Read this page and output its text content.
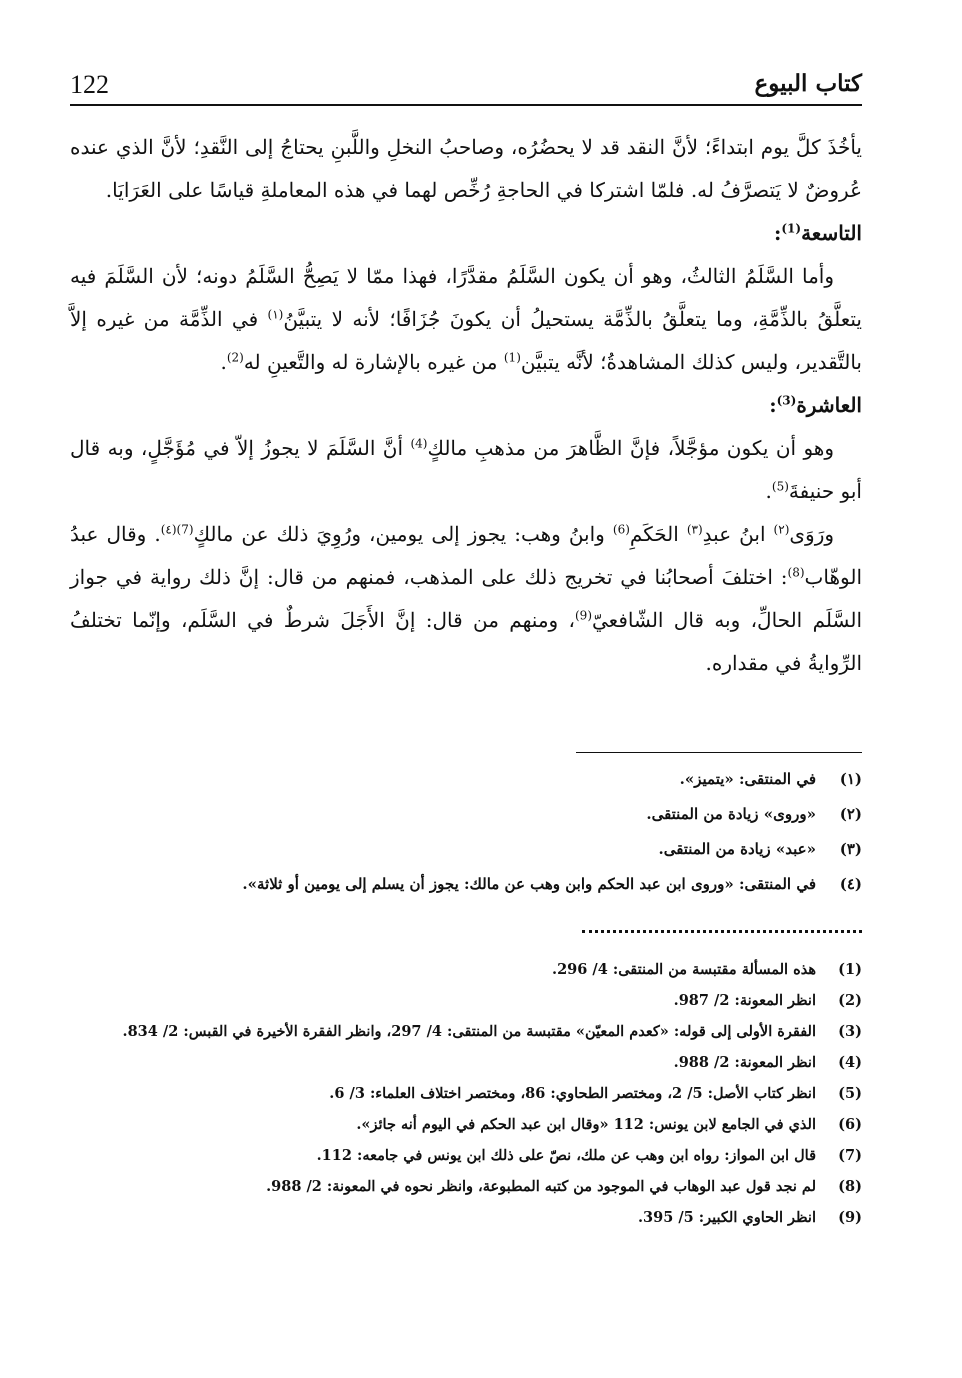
122	كتاب البيوع

يأخُذَ كلَّ يوم ابتداءً؛ لأنَّ النقد قد لا يحضُرُه، وصاحبُ النخلِ واللَّبنِ يحتاجُ إلى النَّقدِ؛ لأنَّ الذي عنده عُروضٌ لا يَتصرَّفُ له. فلمّا اشتركا في الحاجةِ رُخِّص لهما في هذه المعاملةِ قياسًا على العَرَايَا.

التاسعة$^{(1)}$:

وأما السَّلَمُ الثالثُ، وهو أن يكون السَّلَمُ مقدَّرًا، فهذا ممّا لا يَصِحُّ السَّلَمُ دونه؛ لأن السَّلَمَ فيه يتعلَّقُ بالذِّمَّةِ، وما يتعلَّقُ بالذِّمَّة يستحيلُ أن يكونَ جُزَافًا؛ لأنه لا يتبيَّنُ$^{(١)}$ في الذِّمَّة من غيره إلاَّ بالتَّقدير، وليس كذلك المشاهدةُ؛ لأنَّه يتبيَّن$^{(1)}$ من غيره بالإشارة له والتَّعينِ له$^{(2)}$.

العاشرة$^{(3)}$:

وهو أن يكون مؤجَّلاً، فإنَّ الظَّاهرَ من مذهبِ مالكٍ$^{(4)}$ أنَّ السَّلَمَ لا يجوزُ إلاّ في مُؤَجَّلٍ، وبه قال أبو حنيفةَ$^{(5)}$.

ورَوَى$^{(٢)}$ ابنُ عبدِ$^{(٣)}$ الحَكَمِ$^{(6)}$ وابنُ وهب: يجوز إلى يومين، ورُوِيَ ذلك عن مالكٍ$^{(7)(٤)}$. وقال عبدُ الوهّاب$^{(8)}$: اختلفَ أصحابُنا في تخريج ذلك على المذهب، فمنهم من قال: إنَّ ذلك رواية في جواز السَّلَم الحالِّ، وبه قال الشّافعيّ$^{(9)}$، ومنهم من قال: إنَّ الأَجَلَ شرطٌ في السَّلَم، وإنّما تختلفُ الرِّوايةُ في مقداره.

(١)
في المنتقى: «يتميز».
(٢)
«وروى» زيادة من المنتقى.
(٣)
«عبد» زيادة من المنتقى.
(٤)
في المنتقى: «وروى ابن عبد الحكم وابن وهب عن مالك: يجوز أن يسلم إلى يومين أو ثلاثة».
(1)
هذه المسألة مقتبسة من المنتقى: 4/ 296.
(2)
انظر المعونة: 2/ 987.
(3)
الفقرة الأولى إلى قوله: «كعدم المعيّن» مقتبسة من المنتقى: 4/ 297، وانظر الفقرة الأخيرة في القبس: 2/ 834.
(4)
انظر المعونة: 2/ 988.
(5)
انظر كتاب الأصل: 5/ 2، ومختصر الطحاوي: 86، ومختصر اختلاف العلماء: 3/ 6.
(6)
الذي في الجامع لابن يونس: 112 «وقال ابن عبد الحكم في اليوم أنه جائز».
(7)
قال ابن المواز: رواه ابن وهب عن ملك، نصّ على ذلك ابن يونس في جامعه: 112.
(8)
لم نجد قول عبد الوهاب في الموجود من كتبه المطبوعة، وانظر نحوه في المعونة: 2/ 988.
(9)
انظر الحاوي الكبير: 5/ 395.
